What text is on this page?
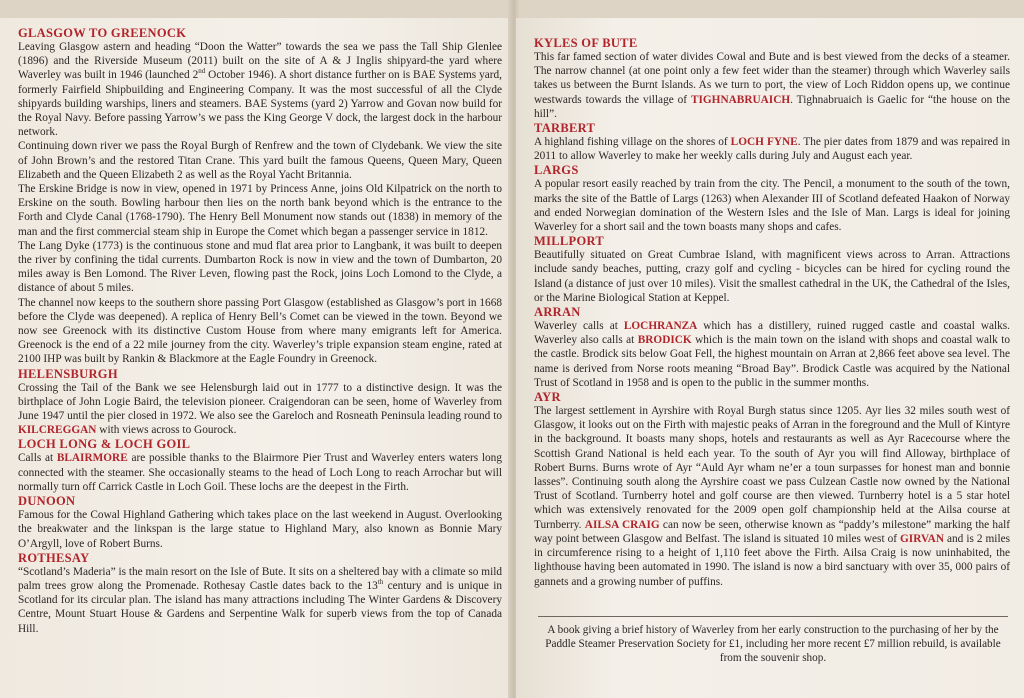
GLASGOW TO GREENOCK

Leaving Glasgow astern and heading “Doon the Watter” towards the sea we pass the Tall Ship Glenlee (1896) and the Riverside Museum (2011) built on the site of A & J Inglis shipyard-the yard where Waverley was built in 1946 (launched 2nd October 1946). A short distance further on is BAE Systems yard, formerly Fairfield Shipbuilding and Engineering Company. It was the most successful of all the Clyde shipyards building warships, liners and steamers. BAE Systems (yard 2) Yarrow and Govan now build for the Royal Navy. Before passing Yarrow’s we pass the King George V dock, the largest dock in the harbour network.

Continuing down river we pass the Royal Burgh of Renfrew and the town of Clydebank. We view the site of John Brown’s and the restored Titan Crane. This yard built the famous Queens, Queen Mary, Queen Elizabeth and the Queen Elizabeth 2 as well as the Royal Yacht Britannia.

The Erskine Bridge is now in view, opened in 1971 by Princess Anne, joins Old Kilpatrick on the north to Erskine on the south. Bowling harbour then lies on the north bank beyond which is the entrance to the Forth and Clyde Canal (1768-1790). The Henry Bell Monument now stands out (1838) in memory of the man and the first commercial steam ship in Europe the Comet which began a passenger service in 1812.

The Lang Dyke (1773) is the continuous stone and mud flat area prior to Langbank, it was built to deepen the river by confining the tidal currents. Dumbarton Rock is now in view and the town of Dumbarton, 20 miles away is Ben Lomond. The River Leven, flowing past the Rock, joins Loch Lomond to the Clyde, a distance of about 5 miles.

The channel now keeps to the southern shore passing Port Glasgow (established as Glasgow’s port in 1668 before the Clyde was deepened). A replica of Henry Bell’s Comet can be viewed in the town. Beyond we now see Greenock with its distinctive Custom House from where many emigrants left for America. Greenock is the end of a 22 mile journey from the city. Waverley’s triple expansion steam engine, rated at 2100 IHP was built by Rankin & Blackmore at the Eagle Foundry in Greenock.

HELENSBURGH

Crossing the Tail of the Bank we see Helensburgh laid out in 1777 to a distinctive design. It was the birthplace of John Logie Baird, the television pioneer. Craigendoran can be seen, home of Waverley from June 1947 until the pier closed in 1972. We also see the Gareloch and Rosneath Peninsula leading round to KILCREGGAN with views across to Gourock.

LOCH LONG & LOCH GOIL

Calls at BLAIRMORE are possible thanks to the Blairmore Pier Trust and Waverley enters waters long connected with the steamer. She occasionally steams to the head of Loch Long to reach Arrochar but will normally turn off Carrick Castle in Loch Goil. These lochs are the deepest in the Firth.

DUNOON

Famous for the Cowal Highland Gathering which takes place on the last weekend in August. Overlooking the breakwater and the linkspan is the large statue to Highland Mary, also known as Bonnie Mary O’Argyll, love of Robert Burns.

ROTHESAY

“Scotland’s Maderia” is the main resort on the Isle of Bute. It sits on a sheltered bay with a climate so mild palm trees grow along the Promenade. Rothesay Castle dates back to the 13th century and is unique in Scotland for its circular plan. The island has many attractions including The Winter Gardens & Discovery Centre, Mount Stuart House & Gardens and Serpentine Walk for superb views from the top of Canada Hill.

KYLES OF BUTE

This far famed section of water divides Cowal and Bute and is best viewed from the decks of a steamer. The narrow channel (at one point only a few feet wider than the steamer) through which Waverley sails takes us between the Burnt Islands. As we turn to port, the view of Loch Riddon opens up, we continue westwards towards the village of TIGHNABRUAICH. Tighnabruaich is Gaelic for “the house on the hill”.

TARBERT

A highland fishing village on the shores of LOCH FYNE. The pier dates from 1879 and was repaired in 2011 to allow Waverley to make her weekly calls during July and August each year.

LARGS

A popular resort easily reached by train from the city. The Pencil, a monument to the south of the town, marks the site of the Battle of Largs (1263) when Alexander III of Scotland defeated Haakon of Norway and ended Norwegian domination of the Western Isles and the Isle of Man. Largs is ideal for joining Waverley for a short sail and the town boasts many shops and cafes.

MILLPORT

Beautifully situated on Great Cumbrae Island, with magnificent views across to Arran. Attractions include sandy beaches, putting, crazy golf and cycling - bicycles can be hired for cycling round the Island (a distance of just over 10 miles). Visit the smallest cathedral in the UK, the Cathedral of the Isles, or the Marine Biological Station at Keppel.

ARRAN

Waverley calls at LOCHRANZA which has a distillery, ruined rugged castle and coastal walks. Waverley also calls at BRODICK which is the main town on the island with shops and coastal walk to the castle. Brodick sits below Goat Fell, the highest mountain on Arran at 2,866 feet above sea level. The name is derived from Norse roots meaning “Broad Bay”. Brodick Castle was acquired by the National Trust of Scotland in 1958 and is open to the public in the summer months.

AYR

The largest settlement in Ayrshire with Royal Burgh status since 1205. Ayr lies 32 miles south west of Glasgow, it looks out on the Firth with majestic peaks of Arran in the foreground and the Mull of Kintyre in the background. It boasts many shops, hotels and restaurants as well as Ayr Racecourse where the Scottish Grand National is held each year. To the south of Ayr you will find Alloway, birthplace of Robert Burns. Burns wrote of Ayr “Auld Ayr wham ne’er a toun surpasses for honest man and bonnie lasses”. Continuing south along the Ayrshire coast we pass Culzean Castle now owned by the National Trust of Scotland. Turnberry hotel and golf course are then viewed. Turnberry hotel is a 5 star hotel which was extensively renovated for the 2009 open golf championship held at the Ailsa course at Turnberry. AILSA CRAIG can now be seen, otherwise known as “paddy’s milestone” marking the half way point between Glasgow and Belfast. The island is situated 10 miles west of GIRVAN and is 2 miles in circumference rising to a height of 1,110 feet above the Firth. Ailsa Craig is now uninhabited, the lighthouse having been automated in 1990. The island is now a bird sanctuary with over 35, 000 pairs of gannets and a growing number of puffins.

A book giving a brief history of Waverley from her early construction to the purchasing of her by the Paddle Steamer Preservation Society for £1, including her more recent £7 million rebuild, is available from the souvenir shop.
